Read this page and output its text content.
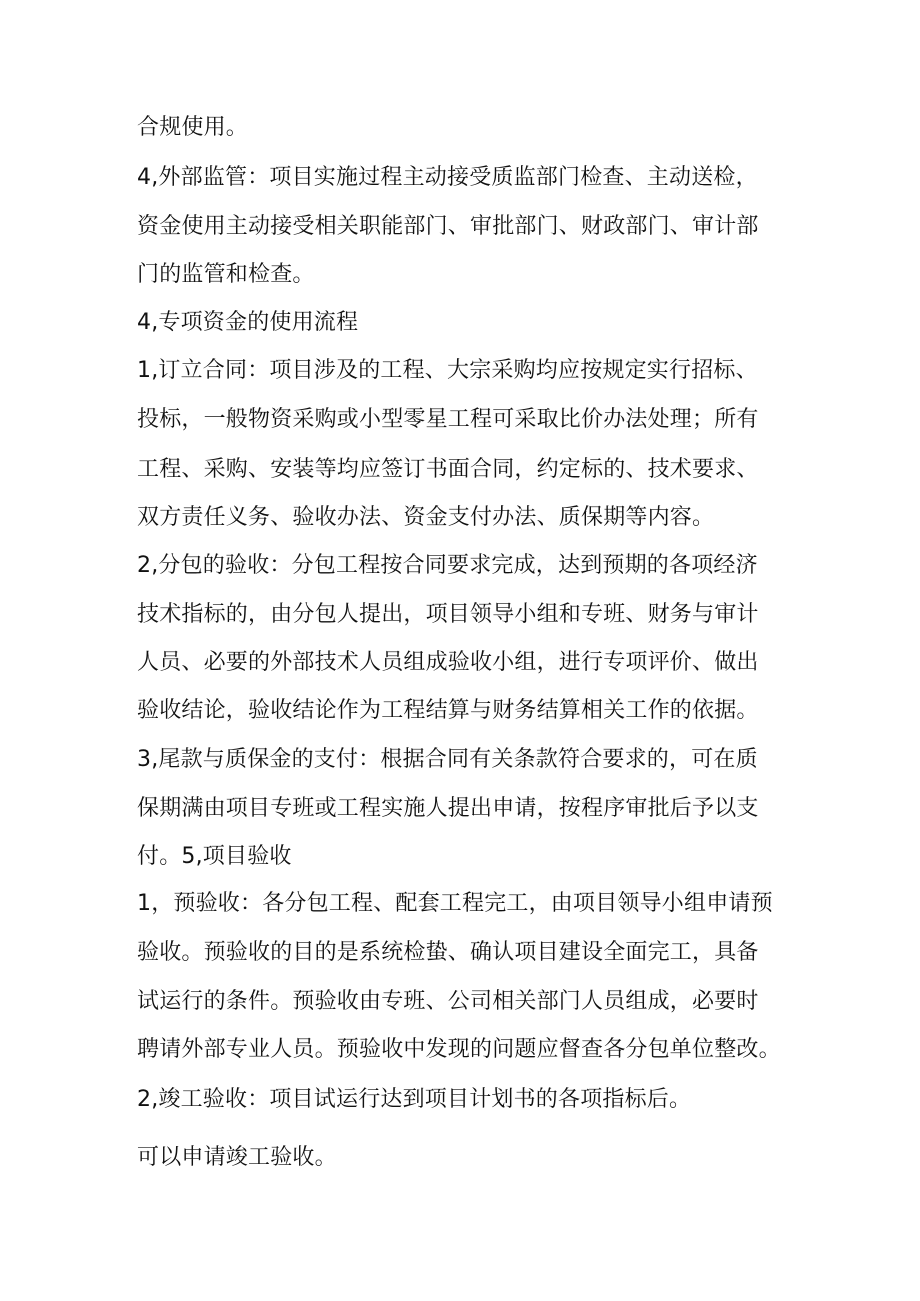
合规使用。
4,外部监管：项目实施过程主动接受质监部门检查、主动送检，
资金使用主动接受相关职能部门、审批部门、财政部门、审计部
门的监管和检查。
4,专项资金的使用流程
1,订立合同：项目涉及的工程、大宗采购均应按规定实行招标、
投标，一般物资采购或小型零星工程可采取比价办法处理；所有
工程、采购、安装等均应签订书面合同，约定标的、技术要求、
双方责任义务、验收办法、资金支付办法、质保期等内容。
2,分包的验收：分包工程按合同要求完成，达到预期的各项经济
技术指标的，由分包人提出，项目领导小组和专班、财务与审计
人员、必要的外部技术人员组成验收小组，进行专项评价、做出
验收结论，验收结论作为工程结算与财务结算相关工作的依据。
3,尾款与质保金的支付：根据合同有关条款符合要求的，可在质
保期满由项目专班或工程实施人提出申请，按程序审批后予以支
付。5,项目验收
1，预验收：各分包工程、配套工程完工，由项目领导小组申请预
验收。预验收的目的是系统检蛰、确认项目建设全面完工，具备
试运行的条件。预验收由专班、公司相关部门人员组成，必要时
聘请外部专业人员。预验收中发现的问题应督查各分包单位整改。
2,竣工验收：项目试运行达到项目计划书的各项指标后。
可以申请竣工验收。
